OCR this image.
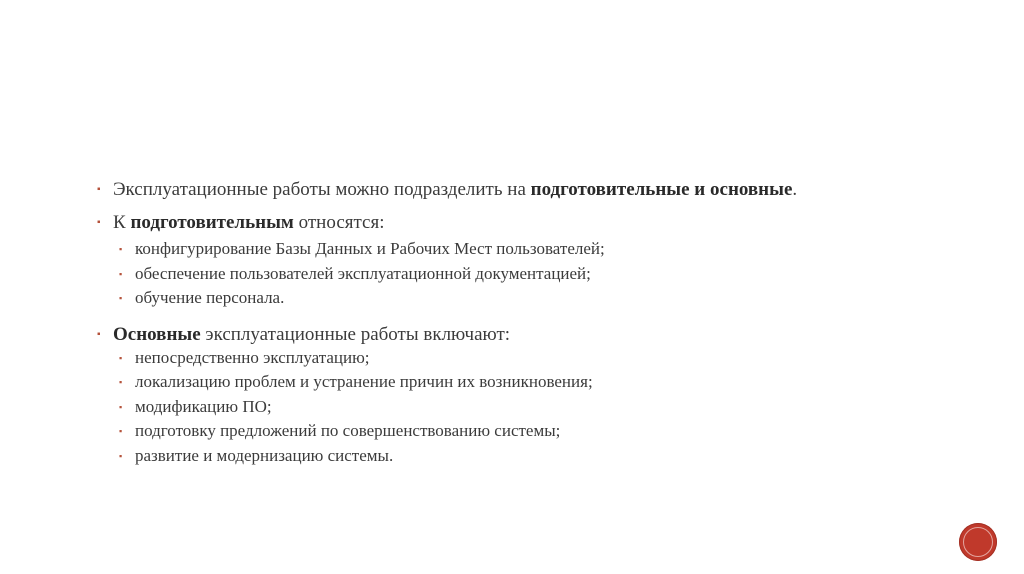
▪ Эксплуатационные работы можно подразделить на подготовительные и основные.
▪ К подготовительным относятся:
▪ конфигурирование Базы Данных и Рабочих Мест пользователей;
▪ обеспечение пользователей эксплуатационной документацией;
▪ обучение персонала.
▪ Основные эксплуатационные работы включают:
▪ непосредственно эксплуатацию;
▪ локализацию проблем и устранение причин их возникновения;
▪ модификацию ПО;
▪ подготовку предложений по совершенствованию системы;
▪ развитие и модернизацию системы.
